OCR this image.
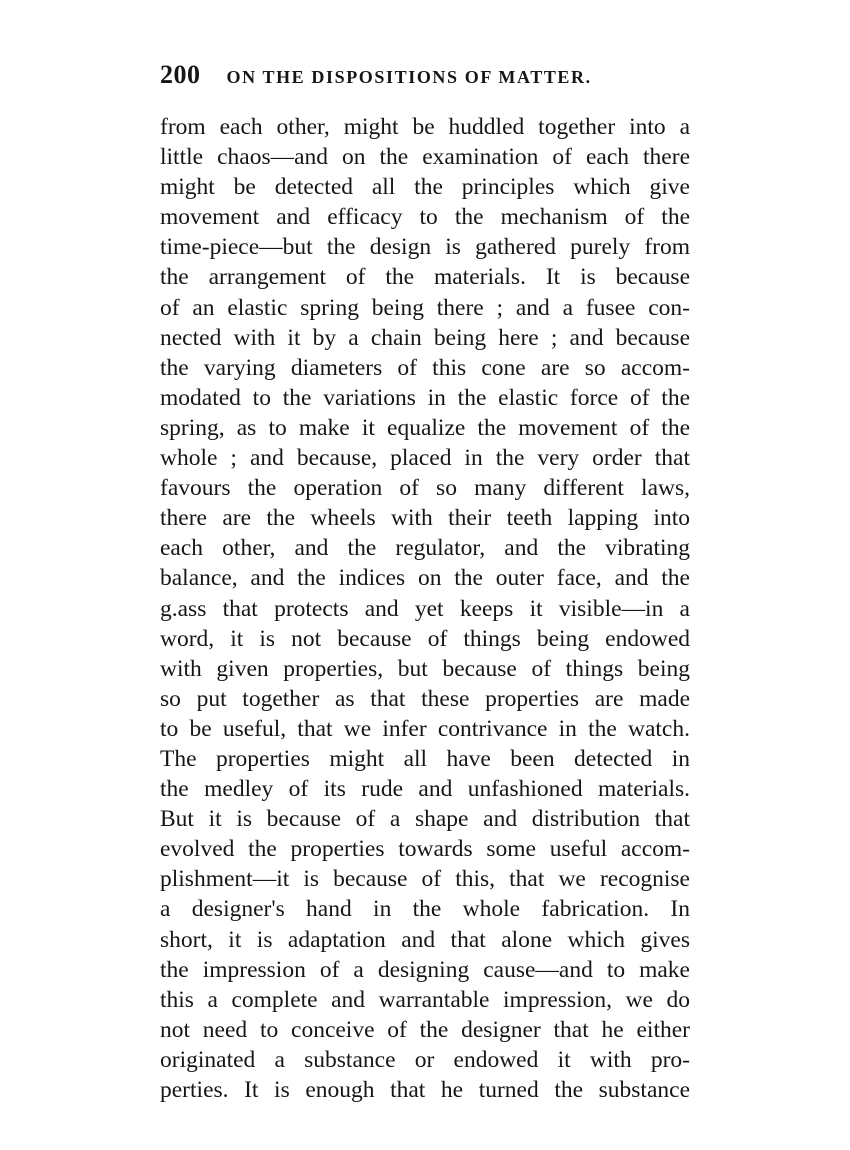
200 ON THE DISPOSITIONS OF MATTER.
from each other, might be huddled together into a
little chaos—and on the examination of each there
might be detected all the principles which give
movement and efficacy to the mechanism of the
time-piece—but the design is gathered purely from
the arrangement of the materials. It is because
of an elastic spring being there ; and a fusee con-
nected with it by a chain being here ; and because
the varying diameters of this cone are so accom-
modated to the variations in the elastic force of the
spring, as to make it equalize the movement of the
whole ; and because, placed in the very order that
favours the operation of so many different laws,
there are the wheels with their teeth lapping into
each other, and the regulator, and the vibrating
balance, and the indices on the outer face, and the
g.ass that protects and yet keeps it visible—in a
word, it is not because of things being endowed
with given properties, but because of things being
so put together as that these properties are made
to be useful, that we infer contrivance in the watch.
The properties might all have been detected in
the medley of its rude and unfashioned materials.
But it is because of a shape and distribution that
evolved the properties towards some useful accom-
plishment—it is because of this, that we recognise
a designer's hand in the whole fabrication. In
short, it is adaptation and that alone which gives
the impression of a designing cause—and to make
this a complete and warrantable impression, we do
not need to conceive of the designer that he either
originated a substance or endowed it with pro-
perties. It is enough that he turned the substance
